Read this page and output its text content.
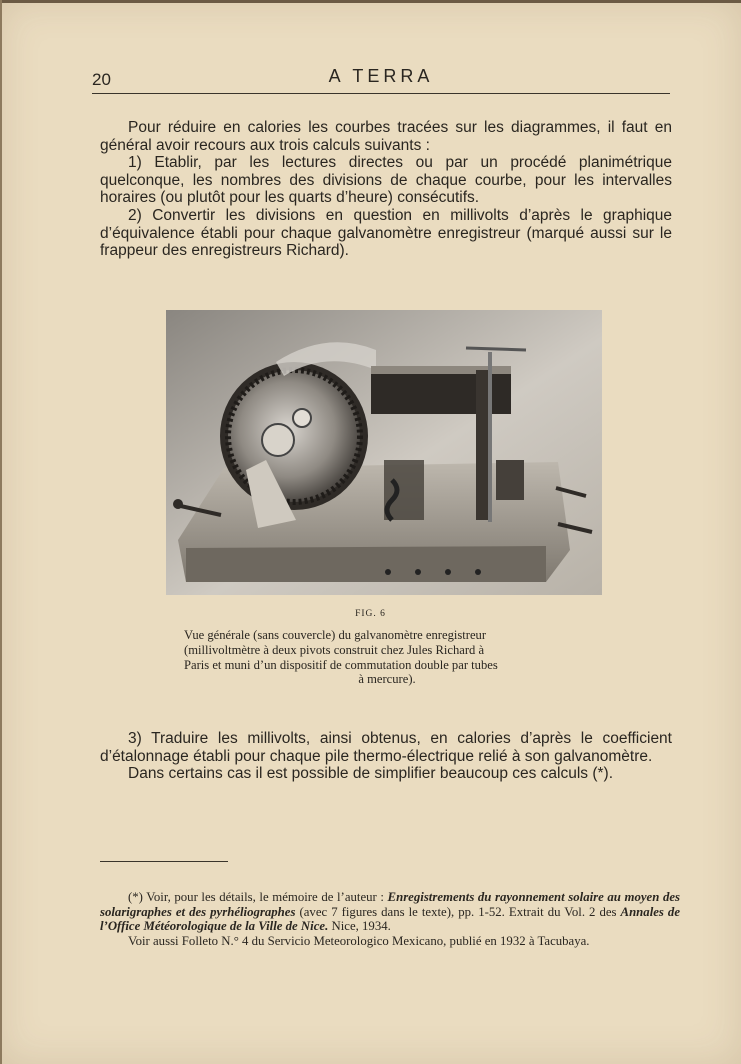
20	A TERRA

Pour réduire en calories les courbes tracées sur les diagrammes, il faut en général avoir recours aux trois calculs suivants :

1) Etablir, par les lectures directes ou par un procédé planimétrique quelconque, les nombres des divisions de chaque courbe, pour les intervalles horaires (ou plutôt pour les quarts d’heure) consécutifs.

2) Convertir les divisions en question en millivolts d’après le graphique d’équivalence établi pour chaque galvanomètre enregistreur (marqué aussi sur le frappeur des enregistreurs Richard).

FIG. 6
Vue générale (sans couvercle) du galvanomètre enregistreur
(millivoltmètre à deux pivots construit chez Jules Richard à
Paris et muni d’un dispositif de commutation double par tubes
à mercure).

3) Traduire les millivolts, ainsi obtenus, en calories d’après le coefficient d’étalonnage établi pour chaque pile thermo-électrique relié à son galvanomètre.

Dans certains cas il est possible de simplifier beaucoup ces calculs (*).

(*) Voir, pour les détails, le mémoire de l’auteur : Enregistrements du rayonnement solaire au moyen des solarigraphes et des pyrhéliographes (avec 7 figures dans le texte), pp. 1-52. Extrait du Vol. 2 des Annales de l’Office Météorologique de la Ville de Nice. Nice, 1934.

Voir aussi Folleto N.° 4 du Servicio Meteorologico Mexicano, publié en 1932 à Tacubaya.
